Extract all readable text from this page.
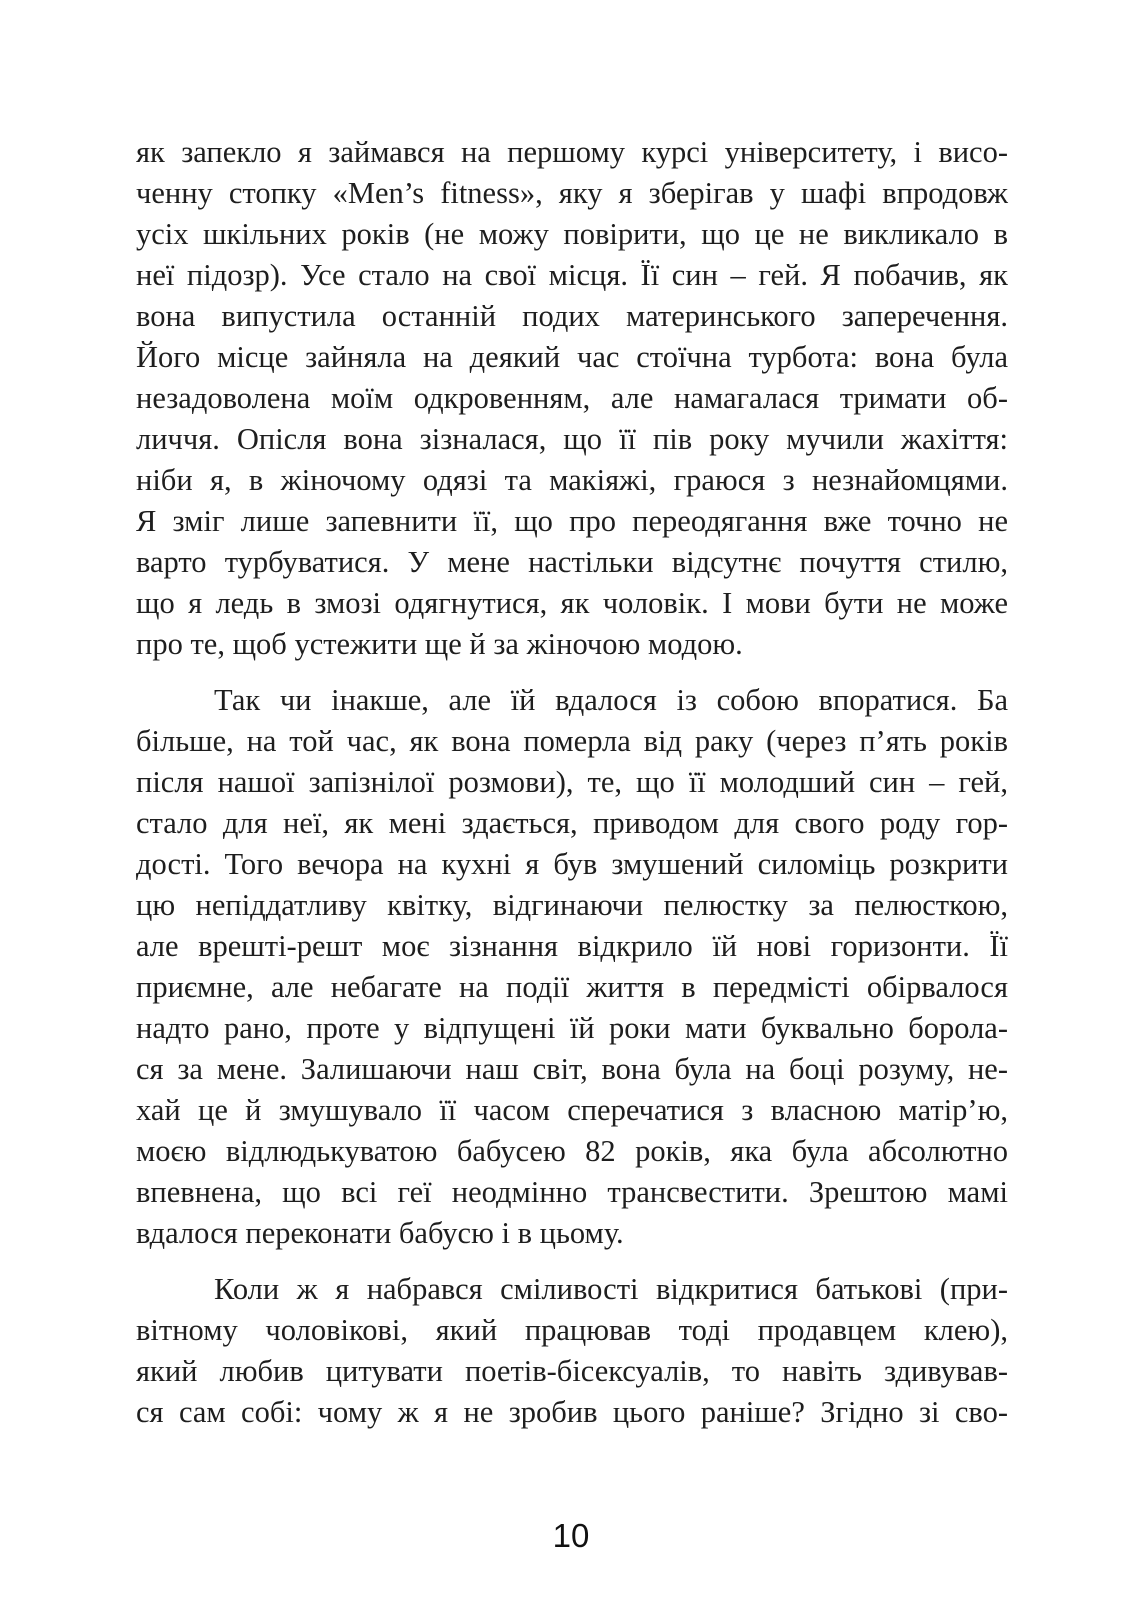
як запекло я займався на першому курсі університету, і висо-
ченну стопку «Men’s fitness», яку я зберігав у шафі впродовж
усіх шкільних років (не можу повірити, що це не викликало в
неї підозр). Усе стало на свої місця. Її син – гей. Я побачив, як
вона випустила останній подих материнського заперечення.
Його місце зайняла на деякий час стоїчна турбота: вона була
незадоволена моїм одкровенням, але намагалася тримати об-
личчя. Опісля вона зізналася, що її пів року мучили жахіття:
ніби я, в жіночому одязі та макіяжі, граюся з незнайомцями.
Я зміг лише запевнити її, що про переодягання вже точно не
варто турбуватися. У мене настільки відсутнє почуття стилю,
що я ледь в змозі одягнутися, як чоловік. І мови бути не може
про те, щоб устежити ще й за жіночою модою.

Так чи інакше, але їй вдалося із собою впоратися. Ба
більше, на той час, як вона померла від раку (через п’ять років
після нашої запізнілої розмови), те, що її молодший син – гей,
стало для неї, як мені здається, приводом для свого роду гор-
дості. Того вечора на кухні я був змушений силоміць розкрити
цю непіддатливу квітку, відгинаючи пелюстку за пелюсткою,
але врешті-решт моє зізнання відкрило їй нові горизонти. Її
приємне, але небагате на події життя в передмісті обірвалося
надто рано, проте у відпущені їй роки мати буквально борола-
ся за мене. Залишаючи наш світ, вона була на боці розуму, не-
хай це й змушувало її часом сперечатися з власною матір’ю,
моєю відлюдькуватою бабусею 82 років, яка була абсолютно
впевнена, що всі геї неодмінно трансвестити. Зрештою мамі
вдалося переконати бабусю і в цьому.

Коли ж я набрався сміливості відкритися батькові (при-
вітному чоловікові, який працював тоді продавцем клею),
який любив цитувати поетів-бісексуалів, то навіть здивував-
ся сам собі: чому ж я не зробив цього раніше? Згідно зі сво-

10
